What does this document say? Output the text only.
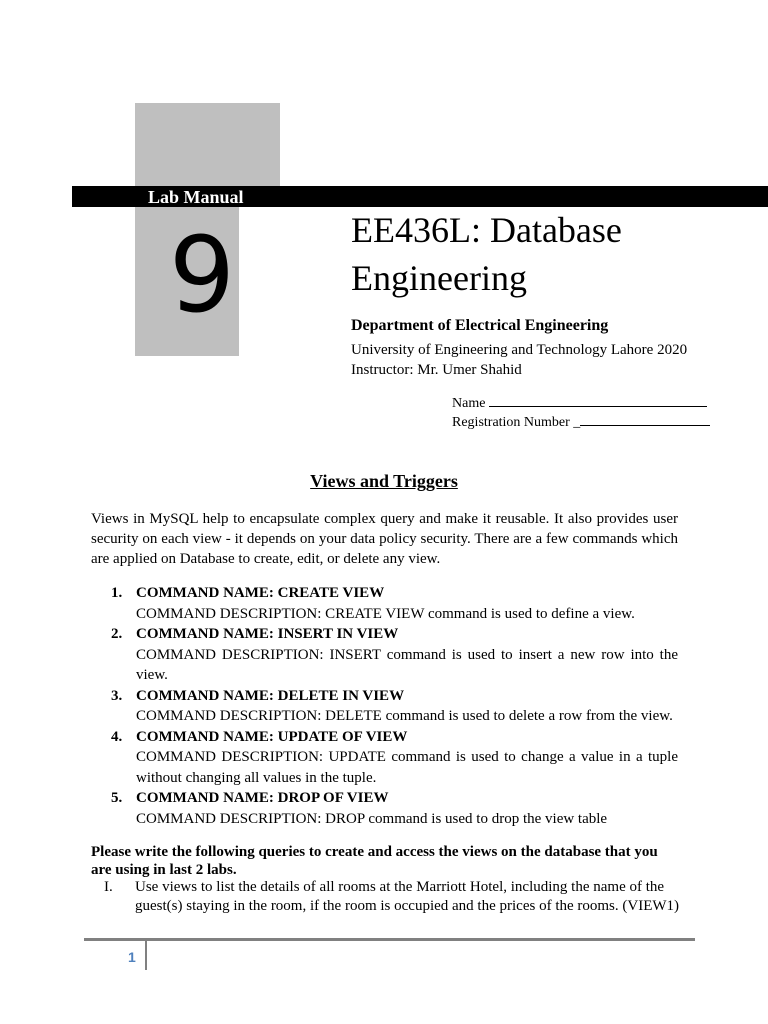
Lab Manual
9	EE436L: Database Engineering
Department of Electrical Engineering
University of Engineering and Technology Lahore 2020
Instructor: Mr. Umer Shahid
Name
Registration Number _
Views and Triggers
Views in MySQL help to encapsulate complex query and make it reusable. It also provides user security on each view - it depends on your data policy security. There are a few commands which are applied on Database to create, edit, or delete any view.
1. COMMAND NAME: CREATE VIEW
COMMAND DESCRIPTION: CREATE VIEW command is used to define a view.
2. COMMAND NAME: INSERT IN VIEW
COMMAND DESCRIPTION: INSERT command is used to insert a new row into the view.
3. COMMAND NAME: DELETE IN VIEW
COMMAND DESCRIPTION: DELETE command is used to delete a row from the view.
4. COMMAND NAME: UPDATE OF VIEW
COMMAND DESCRIPTION: UPDATE command is used to change a value in a tuple without changing all values in the tuple.
5. COMMAND NAME: DROP OF VIEW
COMMAND DESCRIPTION: DROP command is used to drop the view table
Please write the following queries to create and access the views on the database that you are using in last 2 labs.
I. Use views to list the details of all rooms at the Marriott Hotel, including the name of the guest(s) staying in the room, if the room is occupied and the prices of the rooms. (VIEW1)
1
